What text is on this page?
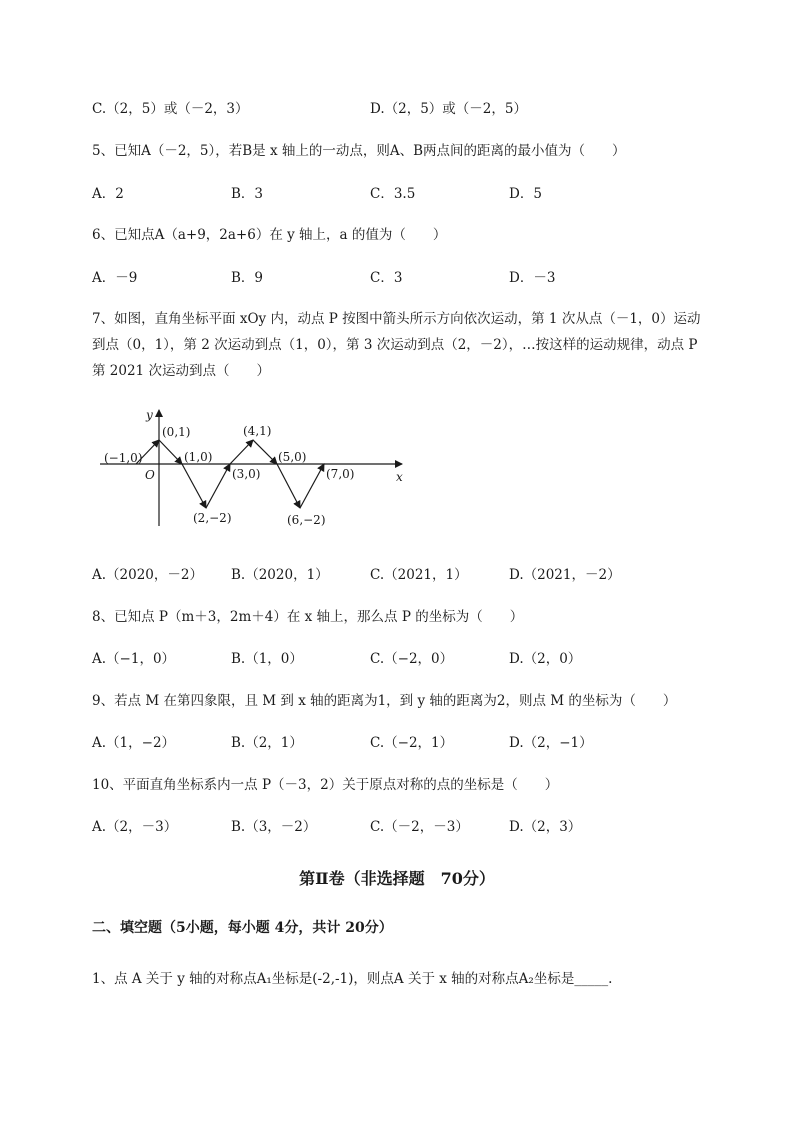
C.（2，5）或（－2，3）	D.（2，5）或（－2，5）
5、已知A（－2，5），若B是 x 轴上的一动点，则A、B两点间的距离的最小值为（　　）
A．2	B．3	C．3.5	D．5
6、已知点A（a+9，2a+6）在 y 轴上，a 的值为（　　）
A．－9	B．9	C．3	D．－3
7、如图，直角坐标平面 xOy 内，动点 P 按图中箭头所示方向依次运动，第 1 次从点（－1，0）运动
到点（0，1），第 2 次运动到点（1，0），第 3 次运动到点（2，－2），…按这样的运动规律，动点 P
第 2021 次运动到点（　　）
y
x
O
(−1,0)
(0,1)
(1,0)
(2,−2)
(3,0)
(4,1)
(5,0)
(6,−2)
(7,0)
A.（2020，－2） B.（2020，1）	C.（2021，1）	D.（2021，－2）
8、已知点 P（m＋3，2m＋4）在 x 轴上，那么点 P 的坐标为（　　）
A.（−1，0）	B.（1，0）	C.（−2，0）	D.（2，0）
9、若点 M 在第四象限，且 M 到 x 轴的距离为1，到 y 轴的距离为2，则点 M 的坐标为（　　）
A.（1，−2）	B.（2，1）	C.（−2，1）	D.（2，−1）
10、平面直角坐标系内一点 P（－3，2）关于原点对称的点的坐标是（　　）
A.（2，－3）	B.（3，－2）	C.（－2，－3）	D.（2，3）
第Ⅱ卷（非选择题　70分）
二、填空题（5小题，每小题 4分，共计 20分）
1、点 A 关于 y 轴的对称点A₁坐标是(-2,-1)，则点A 关于 x 轴的对称点A₂坐标是_____.
